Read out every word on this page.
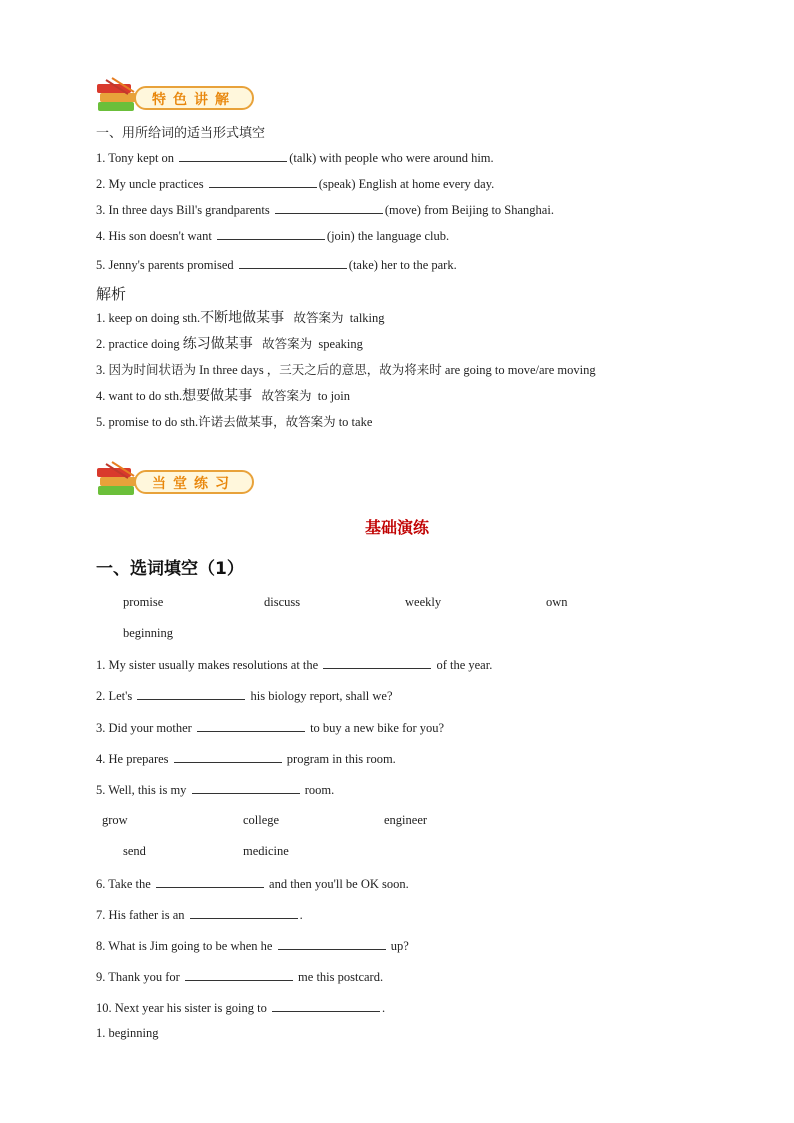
特色讲解
一、用所给词的适当形式填空
1. Tony kept on	(talk) with people who were around him.
2. My uncle practices	(speak) English at home every day.
3. In three days Bill's grandparents	(move) from Beijing to Shanghai.
4. His son doesn't want	(join) the language club.
5. Jenny's parents promised	(take) her to the park.
解析
1. keep on doing sth.不断地做某事   故答案为  talking
2. practice doing 练习做某事   故答案为  speaking
3. 因为时间状语为 In three days ，三天之后的意思，故为将来时 are going to move/are moving
4. want to do sth.想要做某事   故答案为  to join
5. promise to do sth.许诺去做某事，故答案为 to take
当堂练习
基础演练
一、选词填空（1）
promise	discuss	weekly	own
beginning
1. My sister usually makes resolutions at the	of the year.
2. Let's	his biology report, shall we?
3. Did your mother	to buy a new bike for you?
4. He prepares	program in this room.
5. Well, this is my	room.
grow	college	engineer
send	medicine
6. Take the	and then you'll be OK soon.
7. His father is an	.
8. What is Jim going to be when he	up?
9. Thank you for	me this postcard.
10. Next year his sister is going to	.
1. beginning
